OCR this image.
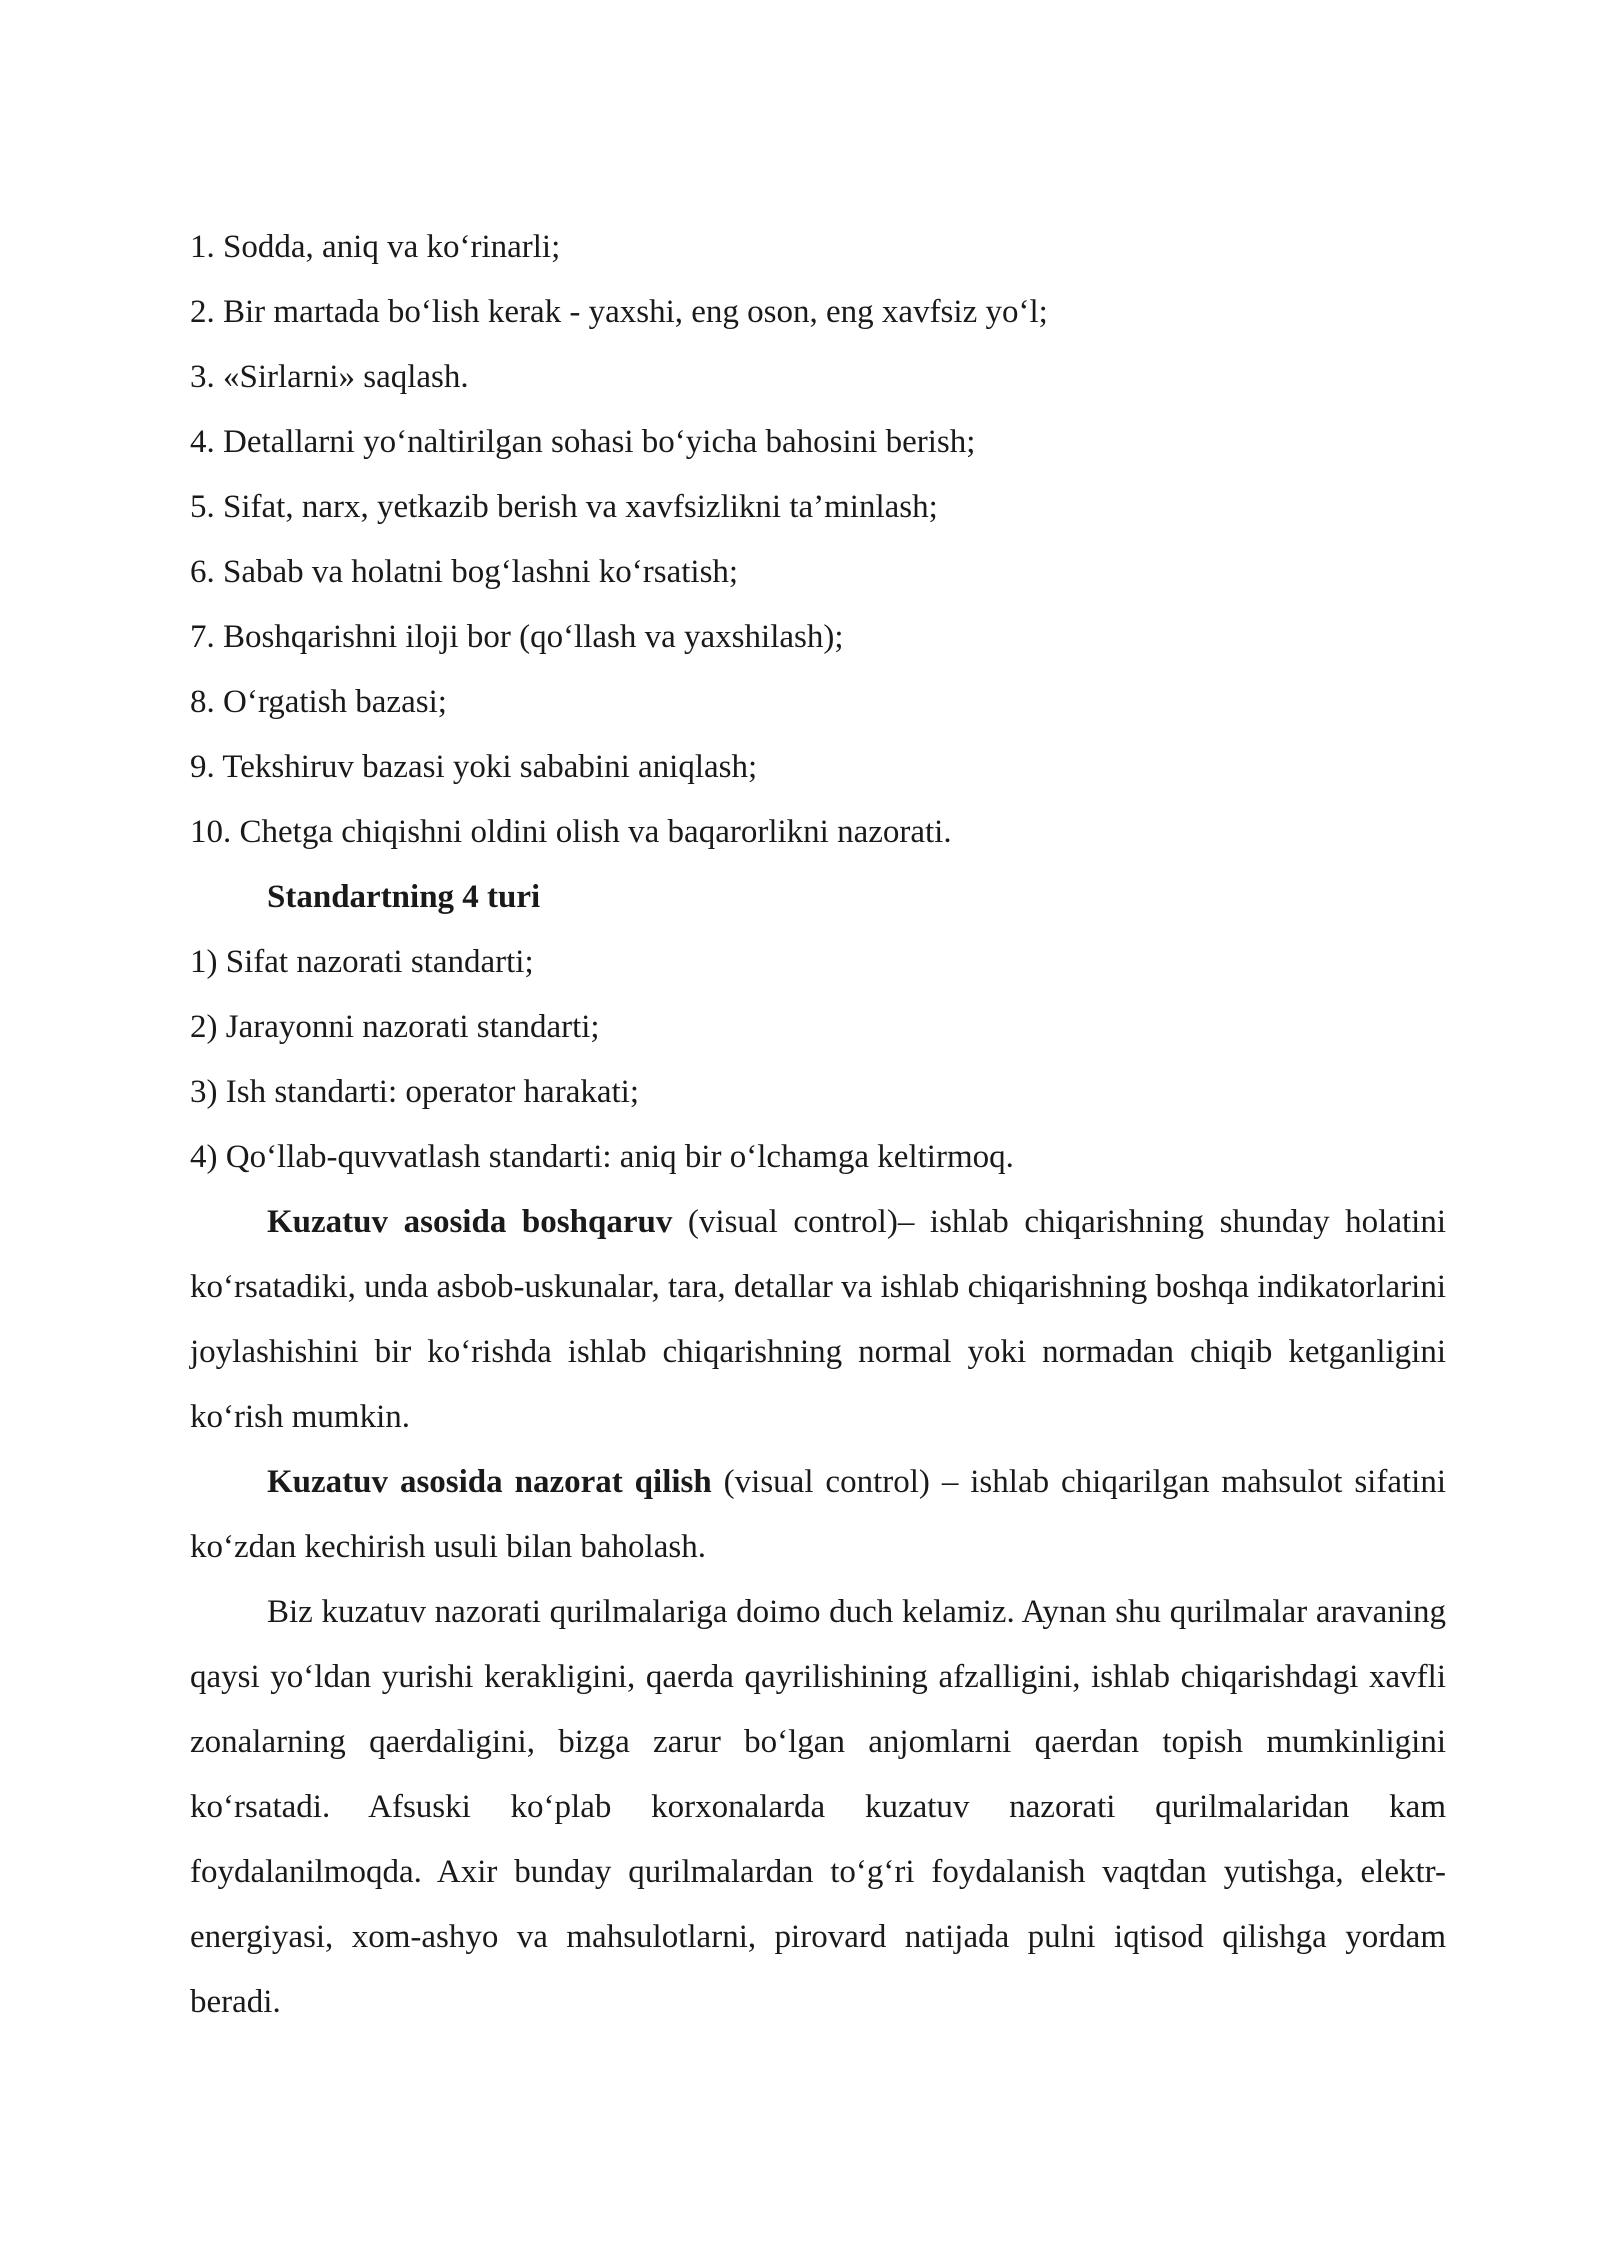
1. Sodda, aniq va ko‘rinarli;

2. Bir martada bo‘lish kerak - yaxshi, eng oson, eng xavfsiz yo‘l;

3. «Sirlarni» saqlash.

4. Detallarni yo‘naltirilgan sohasi bo‘yicha bahosini berish;

5. Sifat, narx, yetkazib berish va xavfsizlikni ta’minlash;

6. Sabab va holatni bog‘lashni ko‘rsatish;

7. Boshqarishni iloji bor (qo‘llash va yaxshilash);

8. O‘rgatish bazasi;

9. Tekshiruv bazasi yoki sababini aniqlash;

10. Chetga chiqishni oldini olish va baqarorlikni nazorati.

Standartning 4 turi

1) Sifat nazorati standarti;

2) Jarayonni nazorati standarti;

3) Ish standarti: operator harakati;

4) Qo‘llab-quvvatlash standarti: aniq bir o‘lchamga keltirmoq.

Kuzatuv asosida boshqaruv (visual control)– ishlab chiqarishning shunday holatini ko‘rsatadiki, unda asbob-uskunalar, tara, detallar va ishlab chiqarishning boshqa indikatorlarini joylashishini bir ko‘rishda ishlab chiqarishning normal yoki normadan chiqib ketganligini ko‘rish mumkin.

Kuzatuv asosida nazorat qilish (visual control) – ishlab chiqarilgan mahsulot sifatini ko‘zdan kechirish usuli bilan baholash.

Biz kuzatuv nazorati qurilmalariga doimo duch kelamiz. Aynan shu qurilmalar aravaning qaysi yo‘ldan yurishi kerakligini, qaerda qayrilishining afzalligini, ishlab chiqarishdagi xavfli zonalarning qaerdaligini, bizga zarur bo‘lgan anjomlarni qaerdan topish mumkinligini ko‘rsatadi. Afsuski ko‘plab korxonalarda kuzatuv nazorati qurilmalaridan kam foydalanilmoqda. Axir bunday qurilmalardan to‘g‘ri foydalanish vaqtdan yutishga, elektr-energiyasi, xom-ashyo va mahsulotlarni, pirovard natijada pulni iqtisod qilishga yordam beradi.
